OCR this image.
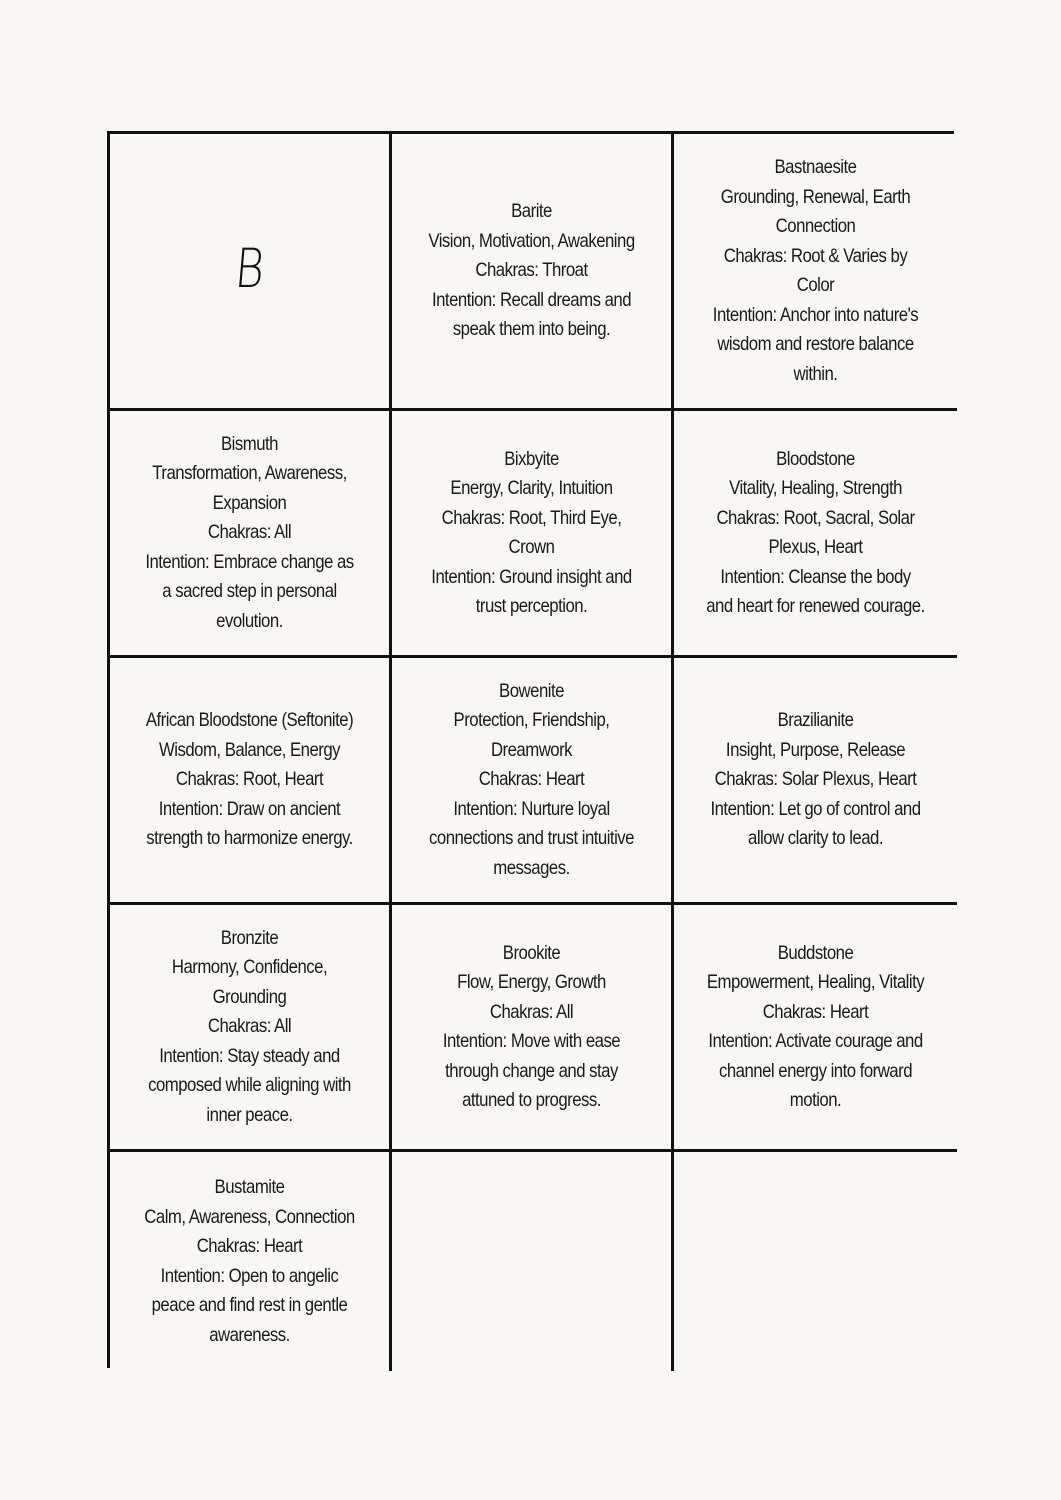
B
Barite
Vision, Motivation, Awakening
Chakras: Throat
Intention: Recall dreams and speak them into being.
Bastnaesite
Grounding, Renewal, Earth Connection
Chakras: Root & Varies by Color
Intention: Anchor into nature's wisdom and restore balance within.
Bismuth
Transformation, Awareness, Expansion
Chakras: All
Intention: Embrace change as a sacred step in personal evolution.
Bixbyite
Energy, Clarity, Intuition
Chakras: Root, Third Eye, Crown
Intention: Ground insight and trust perception.
Bloodstone
Vitality, Healing, Strength
Chakras: Root, Sacral, Solar Plexus, Heart
Intention: Cleanse the body and heart for renewed courage.
African Bloodstone (Seftonite)
Wisdom, Balance, Energy
Chakras: Root, Heart
Intention: Draw on ancient strength to harmonize energy.
Bowenite
Protection, Friendship, Dreamwork
Chakras: Heart
Intention: Nurture loyal connections and trust intuitive messages.
Brazilianite
Insight, Purpose, Release
Chakras: Solar Plexus, Heart
Intention: Let go of control and allow clarity to lead.
Bronzite
Harmony, Confidence, Grounding
Chakras: All
Intention: Stay steady and composed while aligning with inner peace.
Brookite
Flow, Energy, Growth
Chakras: All
Intention: Move with ease through change and stay attuned to progress.
Buddstone
Empowerment, Healing, Vitality
Chakras: Heart
Intention: Activate courage and channel energy into forward motion.
Bustamite
Calm, Awareness, Connection
Chakras: Heart
Intention: Open to angelic peace and find rest in gentle awareness.
